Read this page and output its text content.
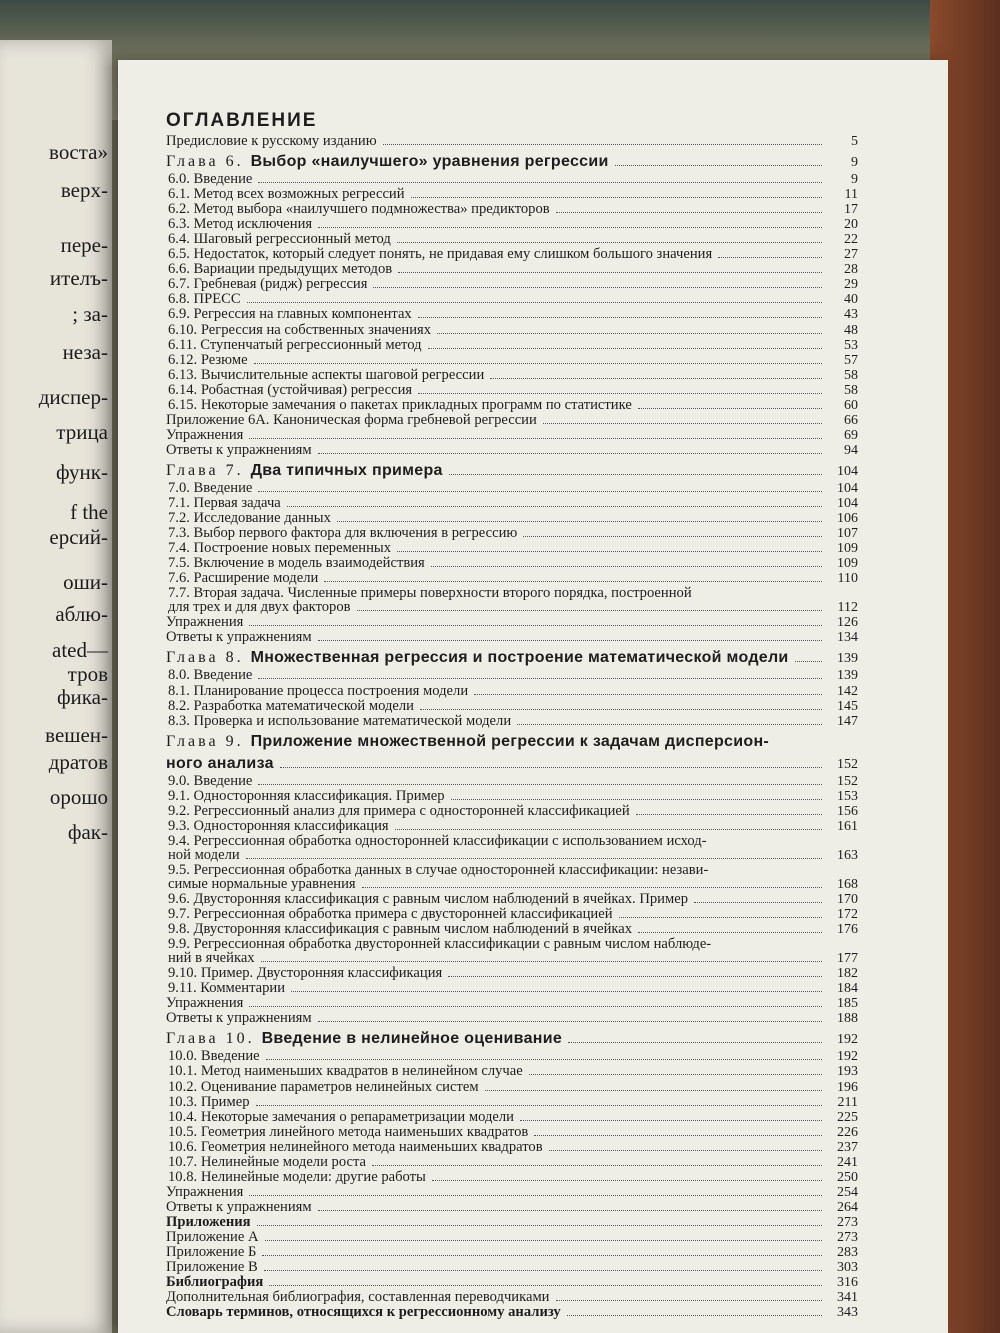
вoста»
верх-
пере-
ителъ-
; за-
неза-
диспер-
трица
функ-
f the
ерсий-
оши-
аблю-
ated—
тров
фика-
вешен-
дратов
орошо
фак-
ОГЛАВЛЕНИЕ
Предисловие к русскому изданию	5
Глава 6. Выбор «наилучшего» уравнения регрессии	9
6.0. Введение	9
6.1. Метод всех возможных регрессий	11
6.2. Метод выбора «наилучшего подмножества» предикторов	17
6.3. Метод исключения	20
6.4. Шаговый регрессионный метод	22
6.5. Недостаток, который следует понять, не придавая ему слишком большого значения	27
6.6. Вариации предыдущих методов	28
6.7. Гребневая (ридж) регрессия	29
6.8. ПРЕСС	40
6.9. Регрессия на главных компонентах	43
6.10. Регрессия на собственных значениях	48
6.11. Ступенчатый регрессионный метод	53
6.12. Резюме	57
6.13. Вычислительные аспекты шаговой регрессии	58
6.14. Робастная (устойчивая) регрессия	58
6.15. Некоторые замечания о пакетах прикладных программ по статистике	60
Приложение 6А. Каноническая форма гребневой регрессии	66
Упражнения	69
Ответы к упражнениям	94
Глава 7. Два типичных примера	104
7.0. Введение	104
7.1. Первая задача	104
7.2. Исследование данных	106
7.3. Выбор первого фактора для включения в регрессию	107
7.4. Построение новых переменных	109
7.5. Включение в модель взаимодействия	109
7.6. Расширение модели	110
7.7. Вторая задача. Численные примеры поверхности второго порядка, построенной
для трех и для двух факторов	112
Упражнения	126
Ответы к упражнениям	134
Глава 8. Множественная регрессия и построение математической модели	139
8.0. Введение	139
8.1. Планирование процесса построения модели	142
8.2. Разработка математической модели	145
8.3. Проверка и использование математической модели	147
Глава 9. Приложение множественной регрессии к задачам дисперсион-
ного анализа	152
9.0. Введение	152
9.1. Односторонняя классификация. Пример	153
9.2. Регрессионный анализ для примера с односторонней классификацией	156
9.3. Односторонняя классификация	161
9.4. Регрессионная обработка односторонней классификации с использованием исход-
ной модели	163
9.5. Регрессионная обработка данных в случае односторонней классификации: незави-
симые нормальные уравнения	168
9.6. Двусторонняя классификация с равным числом наблюдений в ячейках. Пример	170
9.7. Регрессионная обработка примера с двусторонней классификацией	172
9.8. Двусторонняя классификация с равным числом наблюдений в ячейках	176
9.9. Регрессионная обработка двусторонней классификации с равным числом наблюде-
ний в ячейках	177
9.10. Пример. Двусторонняя классификация	182
9.11. Комментарии	184
Упражнения	185
Ответы к упражнениям	188
Глава 10. Введение в нелинейное оценивание	192
10.0. Введение	192
10.1. Метод наименьших квадратов в нелинейном случае	193
10.2. Оценивание параметров нелинейных систем	196
10.3. Пример	211
10.4. Некоторые замечания о репараметризации модели	225
10.5. Геометрия линейного метода наименьших квадратов	226
10.6. Геометрия нелинейного метода наименьших квадратов	237
10.7. Нелинейные модели роста	241
10.8. Нелинейные модели: другие работы	250
Упражнения	254
Ответы к упражнениям	264
Приложения	273
Приложение А	273
Приложение Б	283
Приложение В	303
Библиография	316
Дополнительная библиография, составленная переводчиками	341
Словарь терминов, относящихся к регрессионному анализу	343
